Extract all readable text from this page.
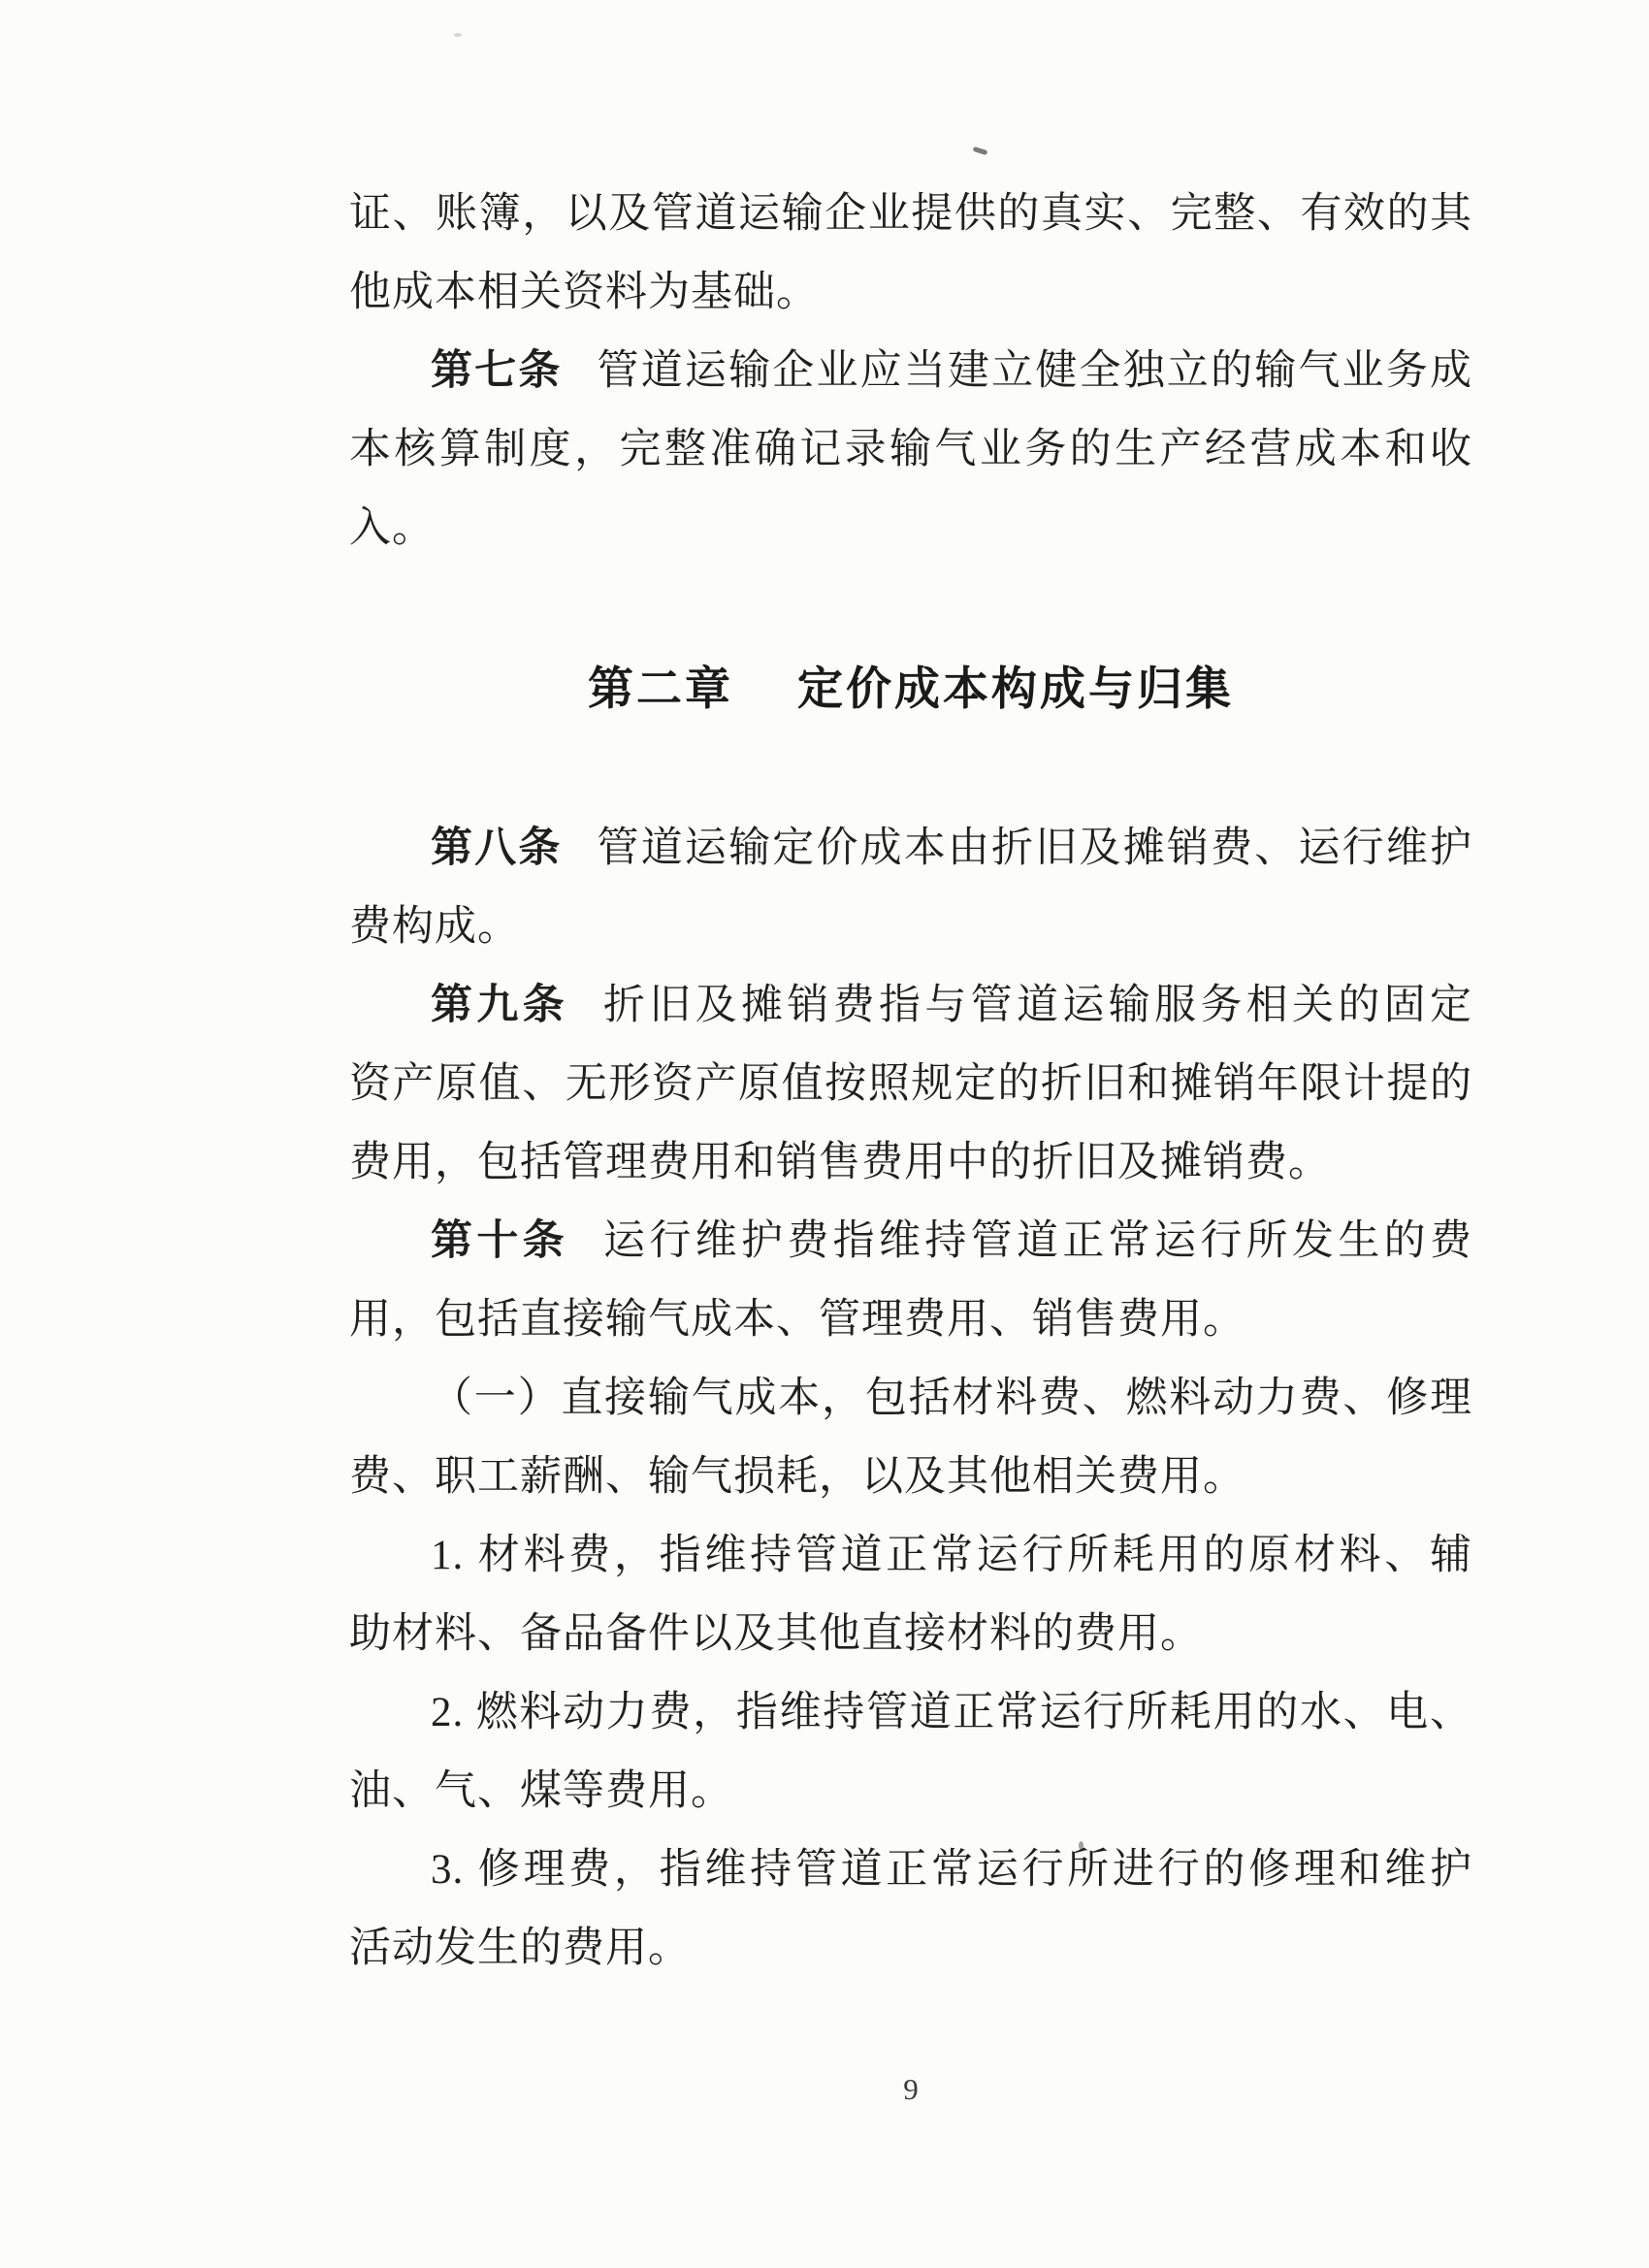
证、账簿，以及管道运输企业提供的真实、完整、有效的其
他成本相关资料为基础。
第七条 管道运输企业应当建立健全独立的输气业务成
本核算制度，完整准确记录输气业务的生产经营成本和收
入。
第二章 定价成本构成与归集
第八条 管道运输定价成本由折旧及摊销费、运行维护
费构成。
第九条 折旧及摊销费指与管道运输服务相关的固定
资产原值、无形资产原值按照规定的折旧和摊销年限计提的
费用，包括管理费用和销售费用中的折旧及摊销费。
第十条 运行维护费指维持管道正常运行所发生的费
用，包括直接输气成本、管理费用、销售费用。
（一）直接输气成本，包括材料费、燃料动力费、修理
费、职工薪酬、输气损耗，以及其他相关费用。
1. 材料费，指维持管道正常运行所耗用的原材料、辅
助材料、备品备件以及其他直接材料的费用。
2. 燃料动力费，指维持管道正常运行所耗用的水、电、
油、气、煤等费用。
3. 修理费，指维持管道正常运行所进行的修理和维护
活动发生的费用。
9
